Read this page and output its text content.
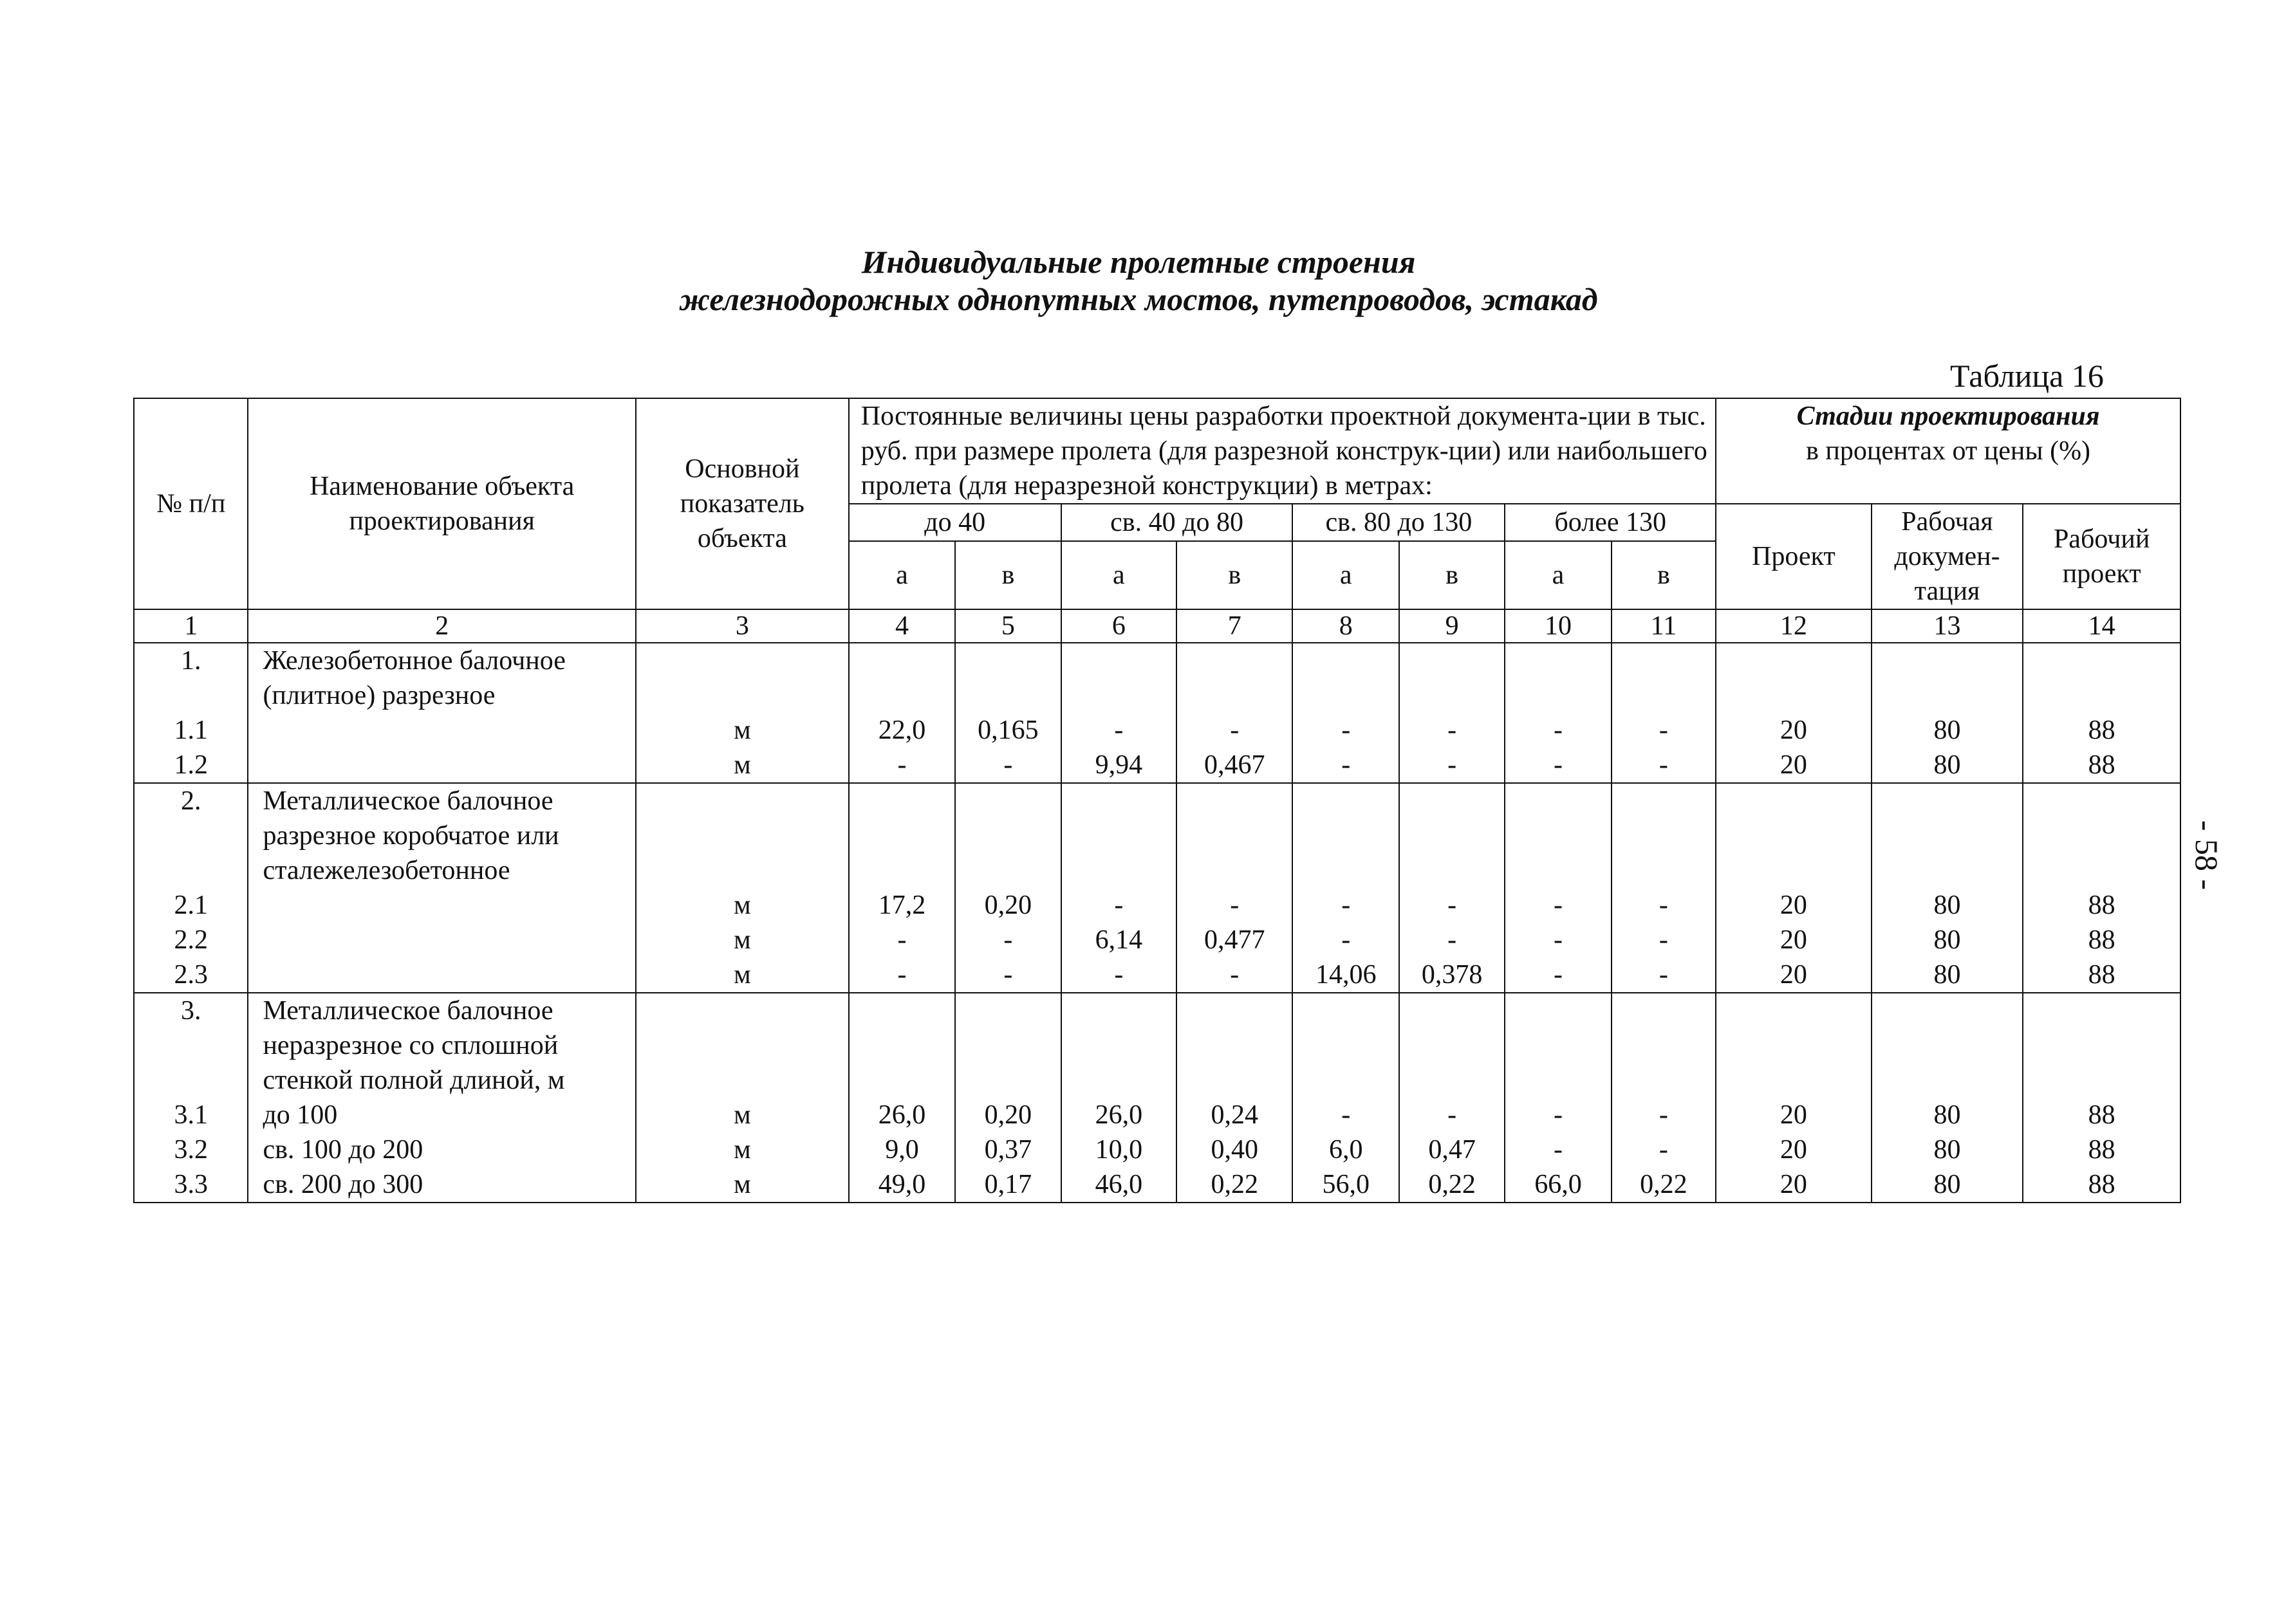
Индивидуальные пролетные строения
железнодорожных однопутных мостов, путепроводов, эстакад
Таблица 16
- 58 -
№ п/п	Наименование объекта проектирования	Основной показатель объекта	Постоянные величины цены разработки проектной документа-ции в тыс. руб. при размере пролета (для разрезной конструк-ции) или наибольшего пролета (для неразрезной конструкции) в метрах:								Стадии проектирования
в процентах от цены (%)		

			до 40		св. 40 до 80		св. 80 до 130		более 130		Проект	Рабочая докумен-тация	Рабочий проект
			а	в	а	в	а	в	а	в			
1	2	3	4	5	6	7	8	9	10	11	12	13	14
1.	Железобетонное балочное												
	(плитное) разрезное												
1.1		м	22,0	0,165	-	-	-	-	-	-	20	80	88
1.2		м	-	-	9,94	0,467	-	-	-	-	20	80	88
2.	Металлическое балочное												
	разрезное коробчатое или												
	сталежелезобетонное												
2.1		м	17,2	0,20	-	-	-	-	-	-	20	80	88
2.2		м	-	-	6,14	0,477	-	-	-	-	20	80	88
2.3		м	-	-	-	-	14,06	0,378	-	-	20	80	88
3.	Металлическое балочное												
	неразрезное со сплошной												
	стенкой полной длиной, м												
3.1	до 100	м	26,0	0,20	26,0	0,24	-	-	-	-	20	80	88
3.2	св. 100 до 200	м	9,0	0,37	10,0	0,40	6,0	0,47	-	-	20	80	88
3.3	св. 200 до 300	м	49,0	0,17	46,0	0,22	56,0	0,22	66,0	0,22	20	80	88
